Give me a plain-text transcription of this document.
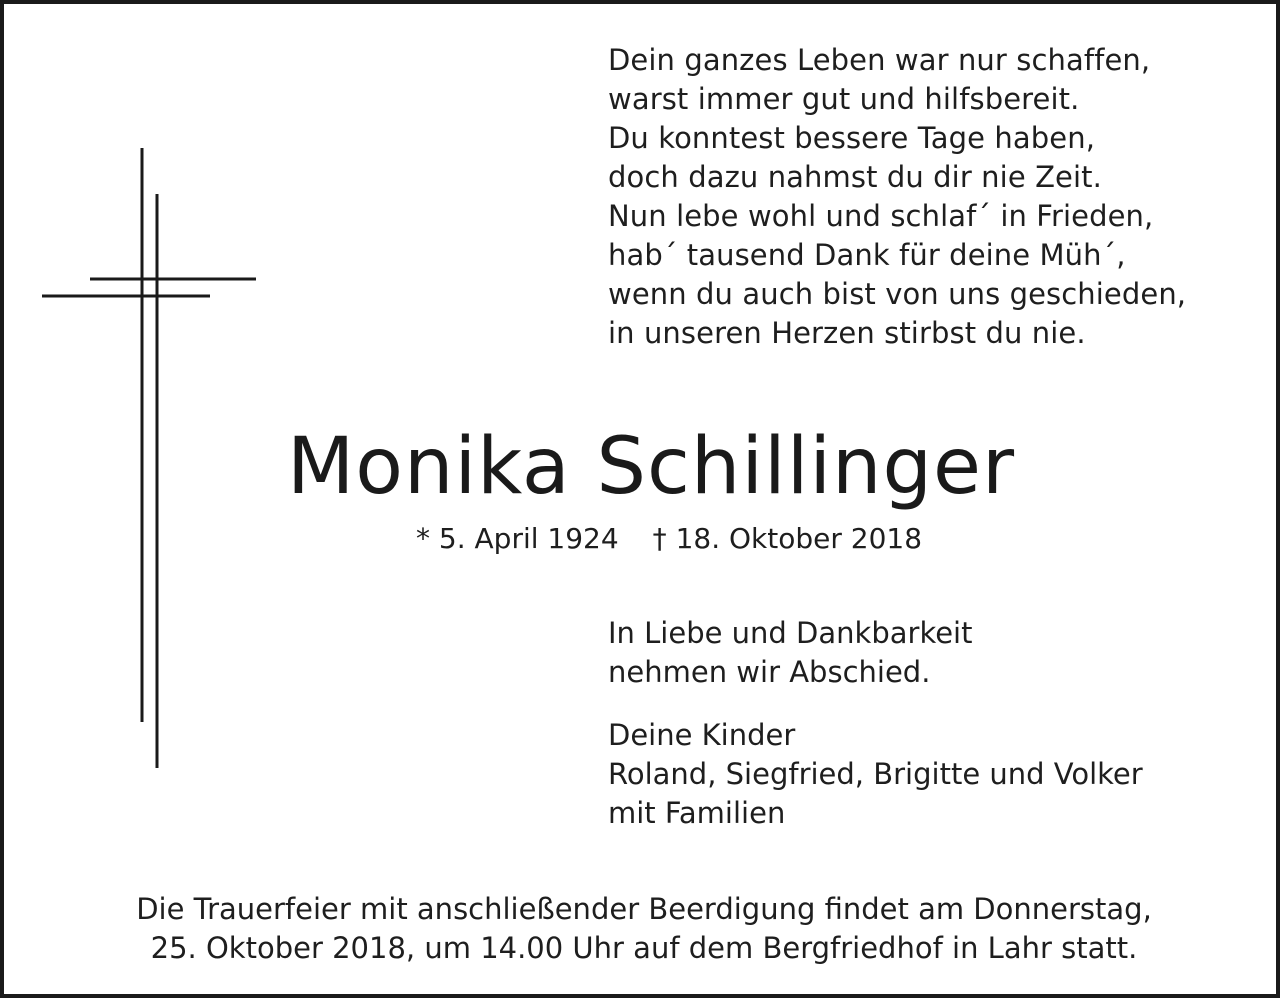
Dein ganzes Leben war nur schaffen,
warst immer gut und hilfsbereit.
Du konntest bessere Tage haben,
doch dazu nahmst du dir nie Zeit.
Nun lebe wohl und schlaf´ in Frieden,
hab´ tausend Dank für deine Müh´,
wenn du auch bist von uns geschieden,
in unseren Herzen stirbst du nie.
Monika Schillinger
* 5. April 1924 † 18. Oktober 2018
In Liebe und Dankbarkeit
nehmen wir Abschied.
Deine Kinder
Roland, Siegfried, Brigitte und Volker
mit Familien
Die Trauerfeier mit anschließender Beerdigung findet am Donnerstag,
25. Oktober 2018, um 14.00 Uhr auf dem Bergfriedhof in Lahr statt.
